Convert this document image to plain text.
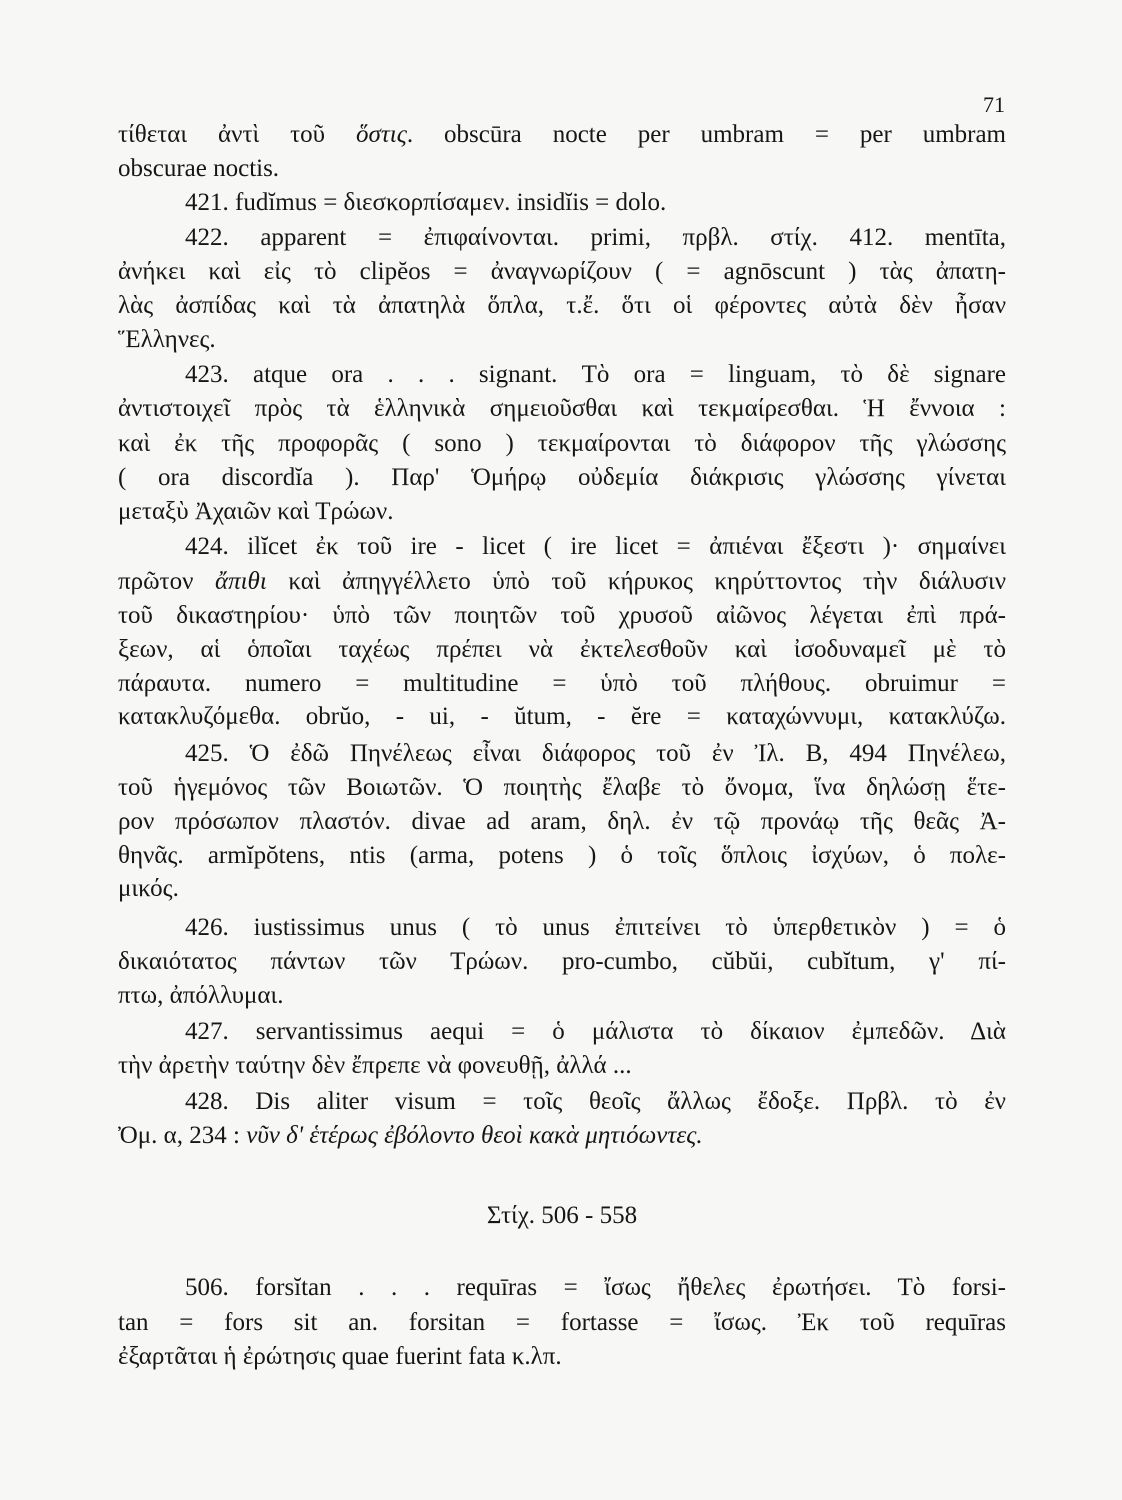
71
τίθεται ἀντὶ τοῦ ὅστις. obscūra nocte per umbram = per umbram
obscurae noctis.
421. fudĭmus = διεσκορπίσαμεν. insidĭis = dolo.
422. apparent = ἐπιφαίνονται. primi, πρβλ. στίχ. 412. mentīta,
ἀνήκει καὶ εἰς τὸ clipĕos = ἀναγνωρίζουν ( = agnōscunt ) τὰς ἀπατη-
λὰς ἀσπίδας καὶ τὰ ἀπατηλὰ ὅπλα, τ.ἔ. ὅτι οἱ φέροντες αὐτὰ δὲν ἦσαν
Ἕλληνες.
423. atque ora . . . signant. Τὸ ora = linguam, τὸ δὲ signare
ἀντιστοιχεῖ πρὸς τὰ ἑλληνικὰ σημειοῦσθαι καὶ τεκμαίρεσθαι. Ἡ ἔννοια :
καὶ ἐκ τῆς προφορᾶς ( sono ) τεκμαίρονται τὸ διάφορον τῆς γλώσσης
( ora discordĭa ). Παρ' Ὁμήρῳ οὐδεμία διάκρισις γλώσσης γίνεται
μεταξὺ Ἀχαιῶν καὶ Τρώων.
424. ilĭcet ἐκ τοῦ ire - licet ( ire licet = ἀπιέναι ἔξεστι )· σημαίνει
πρῶτον ἄπιθι καὶ ἀπηγγέλλετο ὑπὸ τοῦ κήρυκος κηρύττοντος τὴν διάλυσιν
τοῦ δικαστηρίου· ὑπὸ τῶν ποιητῶν τοῦ χρυσοῦ αἰῶνος λέγεται ἐπὶ πρά-
ξεων, αἱ ὁποῖαι ταχέως πρέπει νὰ ἐκτελεσθοῦν καὶ ἰσοδυναμεῖ μὲ τὸ
πάραυτα. numero = multitudine = ὑπὸ τοῦ πλήθους. obruimur =
κατακλυζόμεθα. obrŭo, - ui, - ŭtum, - ĕre = καταχώννυμι, κατακλύζω.
425. Ὁ ἐδῶ Πηνέλεως εἶναι διάφορος τοῦ ἐν Ἰλ. Β, 494 Πηνέλεω,
τοῦ ἡγεμόνος τῶν Βοιωτῶν. Ὁ ποιητὴς ἔλαβε τὸ ὄνομα, ἵνα δηλώσῃ ἕτε-
ρον πρόσωπον πλαστόν. divae ad aram, δηλ. ἐν τῷ προνάῳ τῆς θεᾶς Ἀ-
θηνᾶς. armĭpŏtens, ntis (arma, potens ) ὁ τοῖς ὅπλοις ἰσχύων, ὁ πολε-
μικός.
426. iustissimus unus ( τὸ unus ἐπιτείνει τὸ ὑπερθετικὸν ) = ὁ
δικαιότατος πάντων τῶν Τρώων. pro-cumbo, cŭbŭi, cubĭtum, γ' πί-
πτω, ἀπόλλυμαι.
427. servantissimus aequi = ὁ μάλιστα τὸ δίκαιον ἐμπεδῶν. Διὰ
τὴν ἀρετὴν ταύτην δὲν ἔπρεπε νὰ φονευθῇ, ἀλλά ...
428. Dis aliter visum = τοῖς θεοῖς ἄλλως ἔδοξε. Πρβλ. τὸ ἐν
Ὀμ. α, 234 : νῦν δ' ἑτέρως ἐβόλοντο θεοὶ κακὰ μητιόωντες.
Στίχ. 506 - 558
506. forsĭtan . . . requīras = ἴσως ἤθελες ἐρωτήσει. Τὸ forsi-
tan = fors sit an. forsitan = fortasse = ἴσως. Ἐκ τοῦ requīras
ἐξαρτᾶται ἡ ἐρώτησις quae fuerint fata κ.λπ.
